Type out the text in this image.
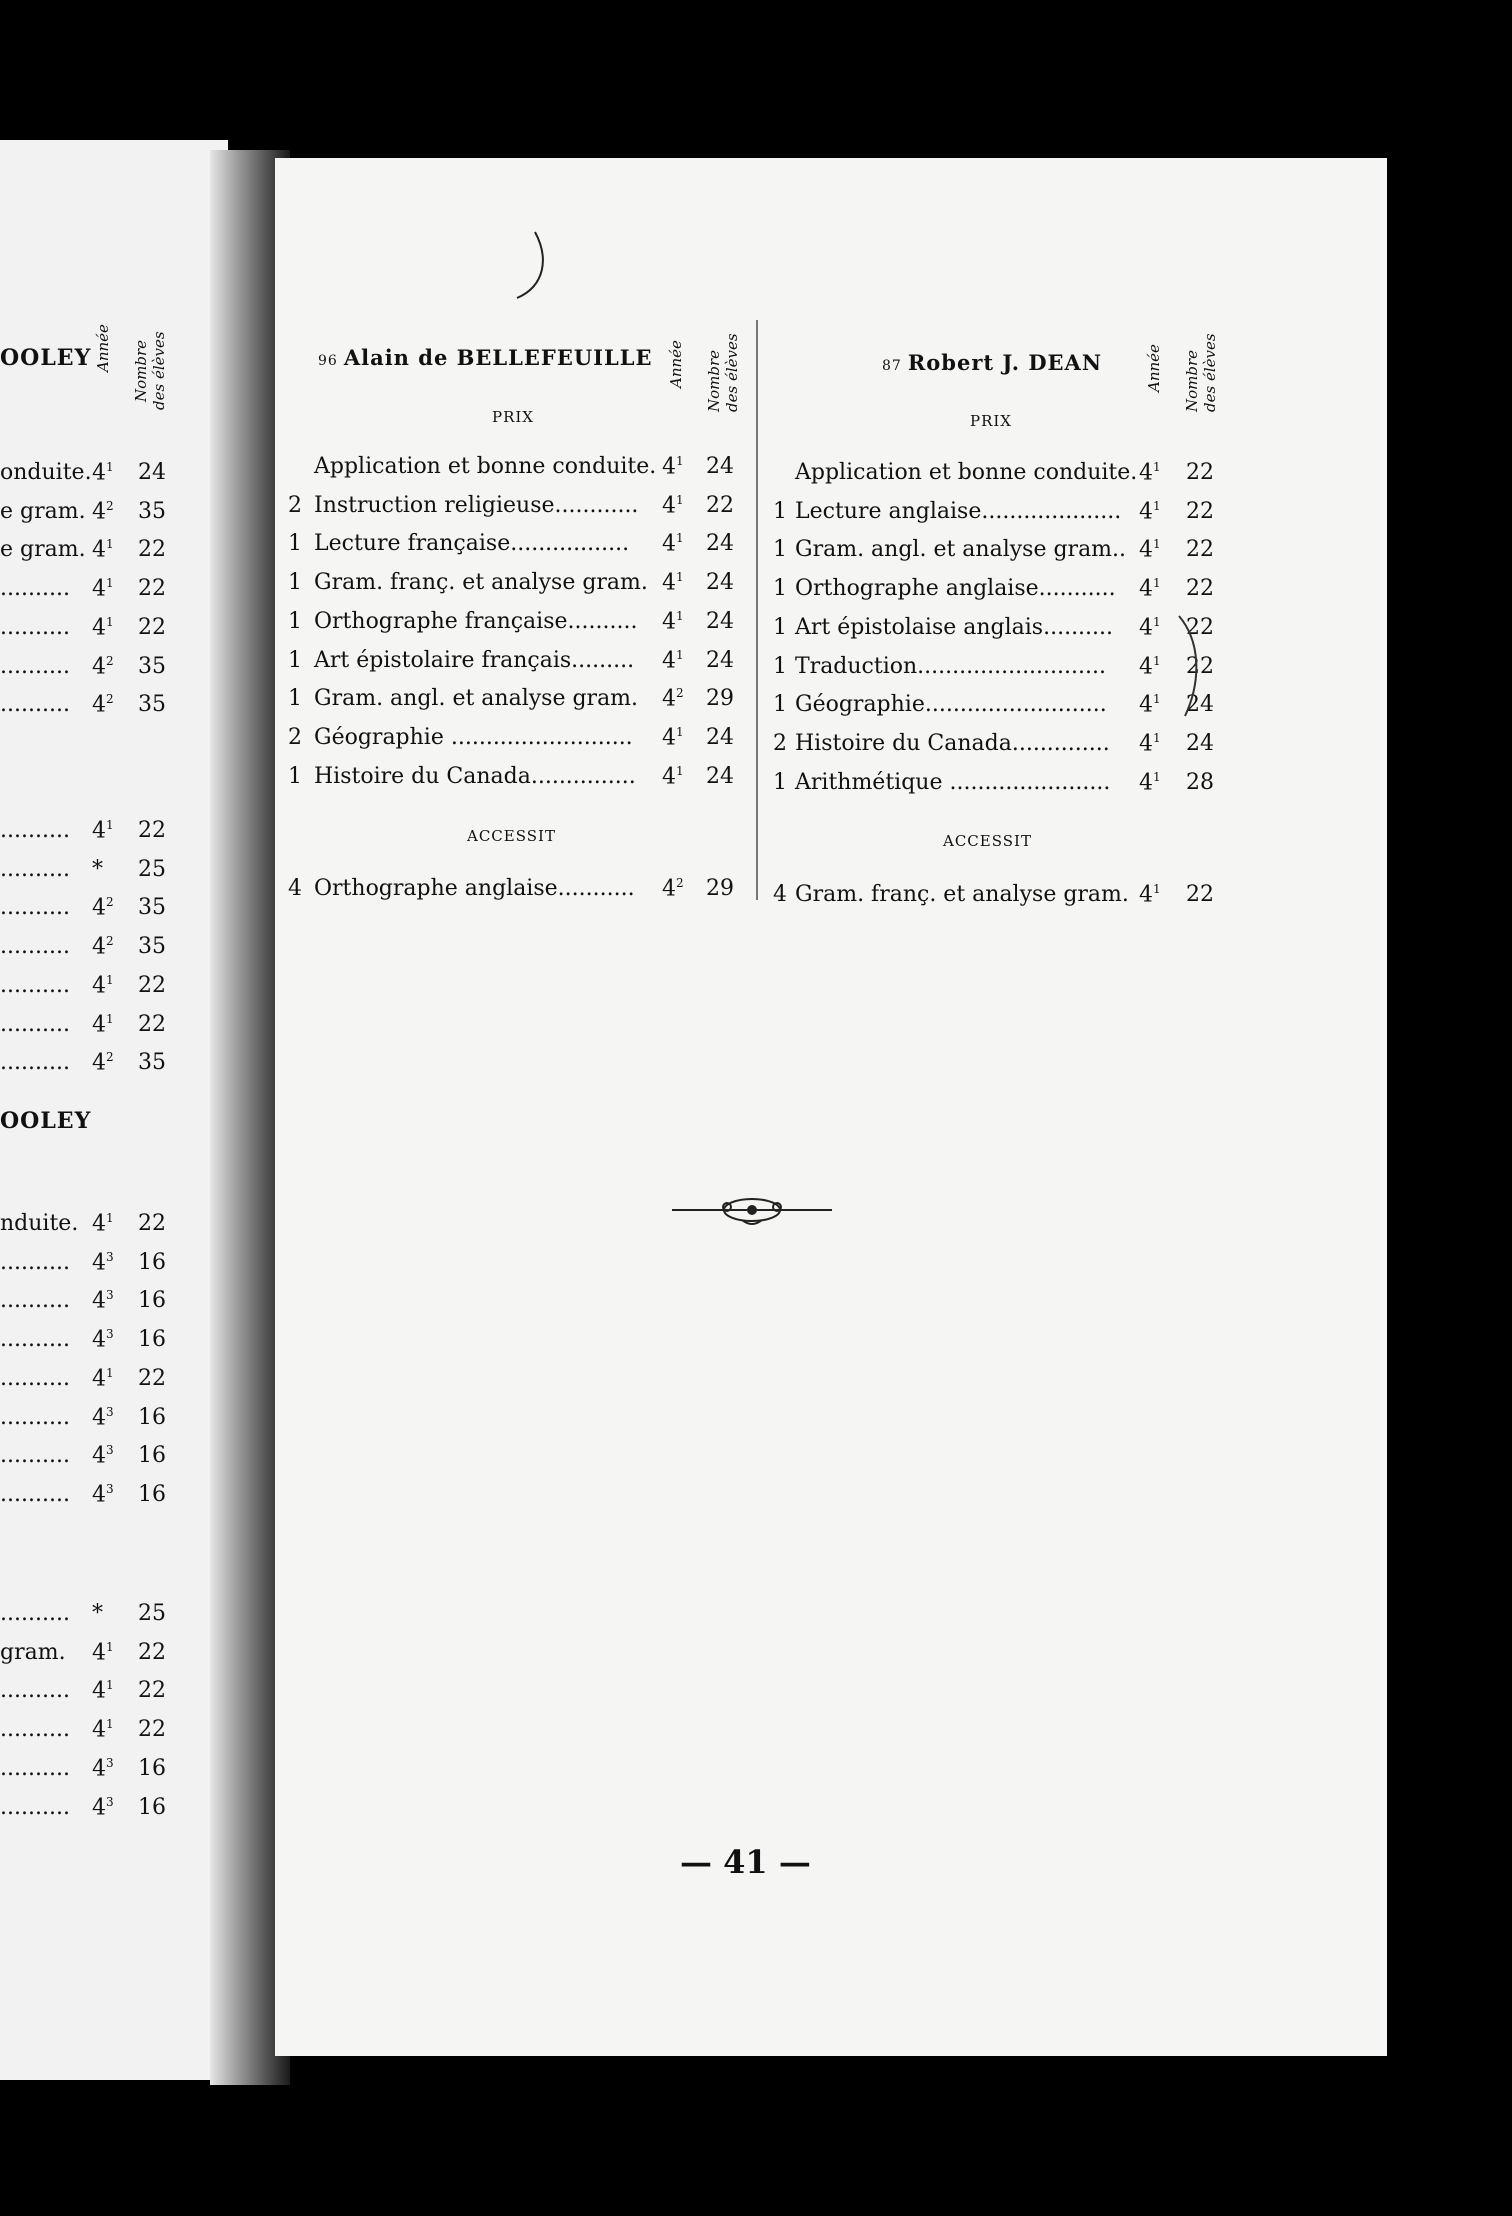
OOLEY Année Nombre des élèves
OOLEY
onduite. $4^1$ 24
e gram. $4^2$ 35
e gram. $4^1$ 22
.......... $4^1$ 22
.......... $4^1$ 22
.......... $4^2$ 35
.......... $4^2$ 35
.......... $4^1$ 22
.......... * 25
.......... $4^2$ 35
.......... $4^2$ 35
.......... $4^1$ 22
.......... $4^1$ 22
.......... $4^2$ 35
nduite. $4^1$ 22
.......... $4^3$ 16
.......... $4^3$ 16
.......... $4^3$ 16
.......... $4^1$ 22
.......... $4^3$ 16
.......... $4^3$ 16
.......... $4^3$ 16
.......... * 25
gram. $4^1$ 22
.......... $4^1$ 22
.......... $4^1$ 22
.......... $4^3$ 16
.......... $4^3$ 16
96 Alain de BELLEFEUILLE Année Nombre des élèves
PRIX
Application et bonne conduite. $4^1$ 24
2 Instruction religieuse............ $4^1$ 22
1 Lecture française................. $4^1$ 24
1 Gram. franç. et analyse gram. $4^1$ 24
1 Orthographe française.......... $4^1$ 24
1 Art épistolaire français......... $4^1$ 24
1 Gram. angl. et analyse gram. $4^2$ 29
2 Géographie .......................... $4^1$ 24
1 Histoire du Canada............... $4^1$ 24
ACCESSIT
4 Orthographe anglaise........... $4^2$ 29
87 Robert J. DEAN	Année Nombre des élèves
PRIX
Application et bonne conduite. $4^1$ 22
1 Lecture anglaise.................... $4^1$ 22
1 Gram. angl. et analyse gram.. $4^1$ 22
1 Orthographe anglaise........... $4^1$ 22
1 Art épistolaise anglais.......... $4^1$ 22
1 Traduction........................... $4^1$ 22
1 Géographie.......................... $4^1$ 24
2 Histoire du Canada.............. $4^1$ 24
1 Arithmétique ....................... $4^1$ 28
ACCESSIT
4 Gram. franç. et analyse gram. $4^1$ 22
— 41 —
